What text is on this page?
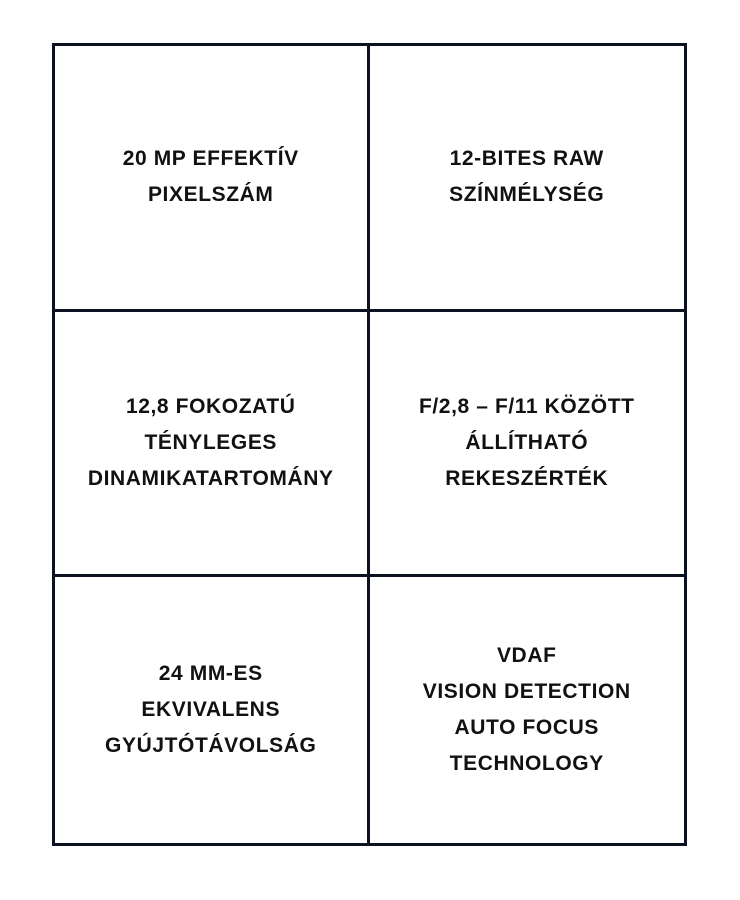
20 MP EFFEKTÍV
PIXELSZÁM
12-BITES RAW
SZÍNMÉLYSÉG
12,8 FOKOZATÚ
TÉNYLEGES
DINAMIKATARTOMÁNY
F/2,8 – F/11 KÖZÖTT
ÁLLÍTHATÓ
REKESZÉRTÉK
24 MM-ES
EKVIVALENS
GYÚJTÓTÁVOLSÁG
VDAF
VISION DETECTION
AUTO FOCUS
TECHNOLOGY
